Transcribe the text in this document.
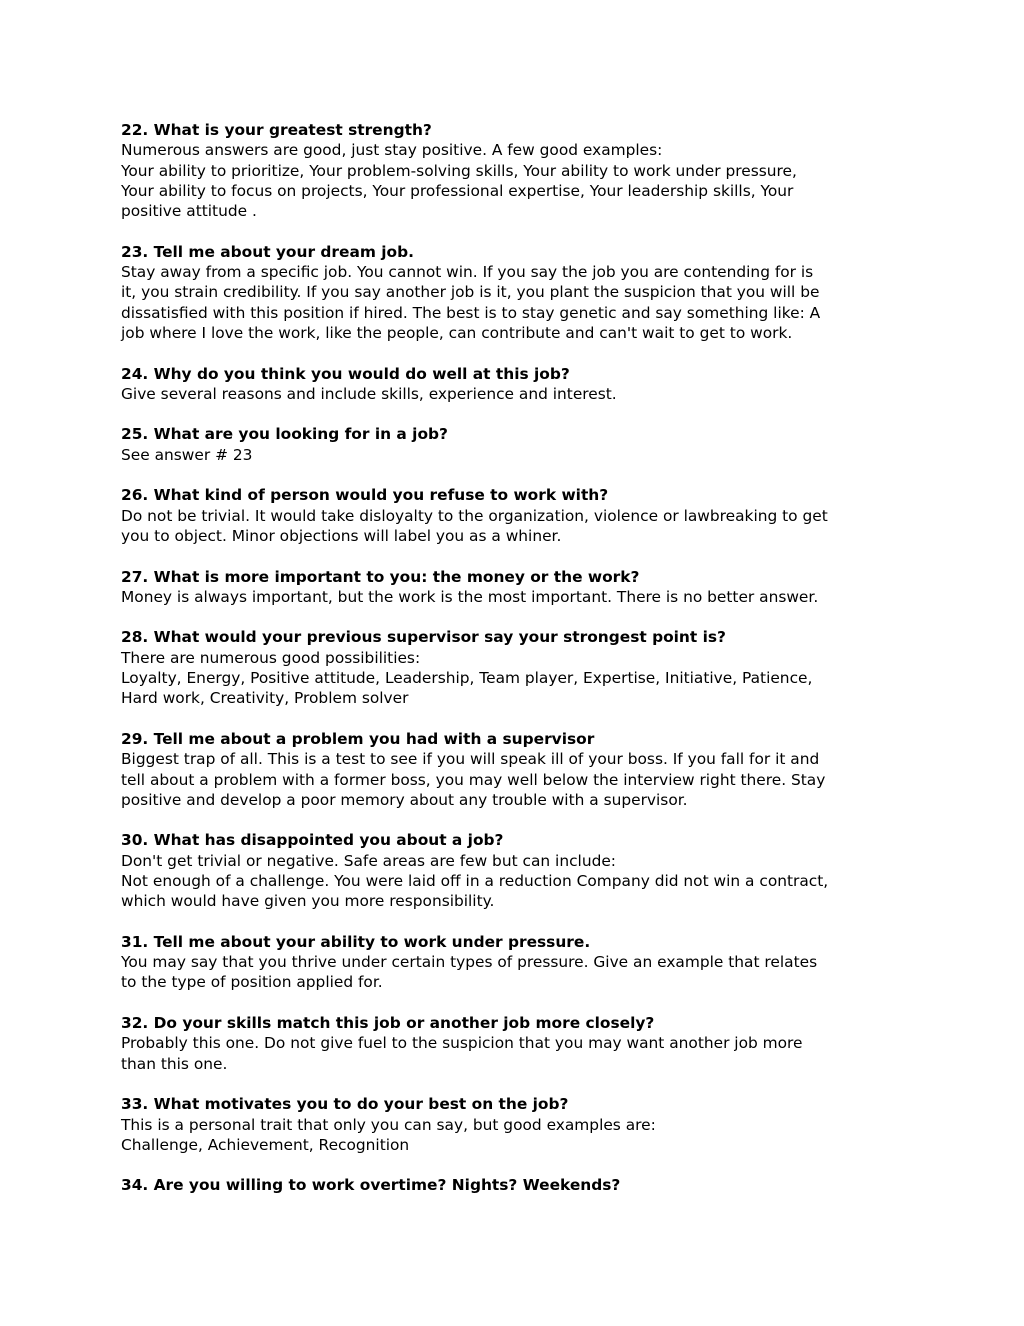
22. What is your greatest strength?
Numerous answers are good, just stay positive. A few good examples:
Your ability to prioritize, Your problem-solving skills, Your ability to work under pressure,
Your ability to focus on projects, Your professional expertise, Your leadership skills, Your
positive attitude .
23. Tell me about your dream job.
Stay away from a specific job. You cannot win. If you say the job you are contending for is
it, you strain credibility. If you say another job is it, you plant the suspicion that you will be
dissatisfied with this position if hired. The best is to stay genetic and say something like: A
job where I love the work, like the people, can contribute and can't wait to get to work.
24. Why do you think you would do well at this job?
Give several reasons and include skills, experience and interest.
25. What are you looking for in a job?
See answer # 23
26. What kind of person would you refuse to work with?
Do not be trivial. It would take disloyalty to the organization, violence or lawbreaking to get
you to object. Minor objections will label you as a whiner.
27. What is more important to you: the money or the work?
Money is always important, but the work is the most important. There is no better answer.
28. What would your previous supervisor say your strongest point is?
There are numerous good possibilities:
Loyalty, Energy, Positive attitude, Leadership, Team player, Expertise, Initiative, Patience,
Hard work, Creativity, Problem solver
29. Tell me about a problem you had with a supervisor
Biggest trap of all. This is a test to see if you will speak ill of your boss. If you fall for it and
tell about a problem with a former boss, you may well below the interview right there. Stay
positive and develop a poor memory about any trouble with a supervisor.
30. What has disappointed you about a job?
Don't get trivial or negative. Safe areas are few but can include:
Not enough of a challenge. You were laid off in a reduction Company did not win a contract,
which would have given you more responsibility.
31. Tell me about your ability to work under pressure.
You may say that you thrive under certain types of pressure. Give an example that relates
to the type of position applied for.
32. Do your skills match this job or another job more closely?
Probably this one. Do not give fuel to the suspicion that you may want another job more
than this one.
33. What motivates you to do your best on the job?
This is a personal trait that only you can say, but good examples are:
Challenge, Achievement, Recognition
34. Are you willing to work overtime? Nights? Weekends?
